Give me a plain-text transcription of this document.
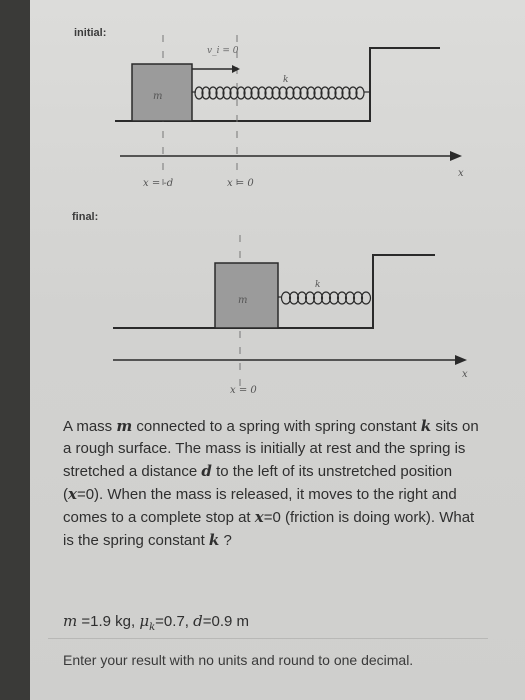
initial:
m
v_i = 0
k
x
x = -d	x = 0
final:
m
k
x
x = 0
A mass m connected to a spring with spring constant k sits on a rough surface. The mass is initially at rest and the spring is stretched a distance d to the left of its unstretched position (x=0). When the mass is released, it moves to the right and comes to a complete stop at x=0 (friction is doing work). What is the spring constant k ?
m =1.9 kg, $\mu_k=0.7$, d=0.9 m
Enter your result with no units and round to one decimal.
